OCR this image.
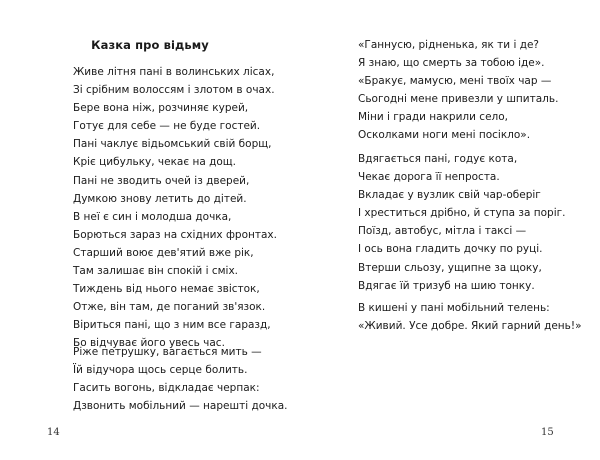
Казка про відьму
Живе літня пані в волинських лісах,
Зі срібним волоссям і злотом в очах.
Бере вона ніж, розчиняє курей,
Готує для себе — не буде гостей.
Пані чаклує відьомський свій борщ,
Кріє цибульку, чекає на дощ.
Пані не зводить очей із дверей,
Думкою знову летить до дітей.
В неї є син і молодша дочка,
Борються зараз на східних фронтах.
Старший воює дев'ятий вже рік,
Там залишає він спокій і сміх.
Тиждень від нього немає звісток,
Отже, він там, де поганий зв'язок.
Віриться пані, що з ним все гаразд,
Бо відчуває його увесь час.
Ріже петрушку, вагається мить —
Їй відучора щось серце болить.
Гасить вогонь, відкладає черпак:
Дзвонить мобільний — нарешті дочка.
14
«Ганнусю, рідненька, як ти і де?
Я знаю, що смерть за тобою іде».
«Бракує, мамусю, мені твоїх чар —
Сьогодні мене привезли у шпиталь.
Міни і гради накрили село,
Осколками ноги мені посікло».
Вдягається пані, годує кота,
Чекає дорога її непроста.
Вкладає у вузлик свій чар-оберіг
І хреститься дрібно, й ступа за поріг.
Поїзд, автобус, мітла і таксі —
І ось вона гладить дочку по руці.
Втерши сльозу, ущипне за щоку,
Вдягає їй тризуб на шию тонку.
В кишені у пані мобільний телень:
«Живий. Усе добре. Який гарний день!»
15
